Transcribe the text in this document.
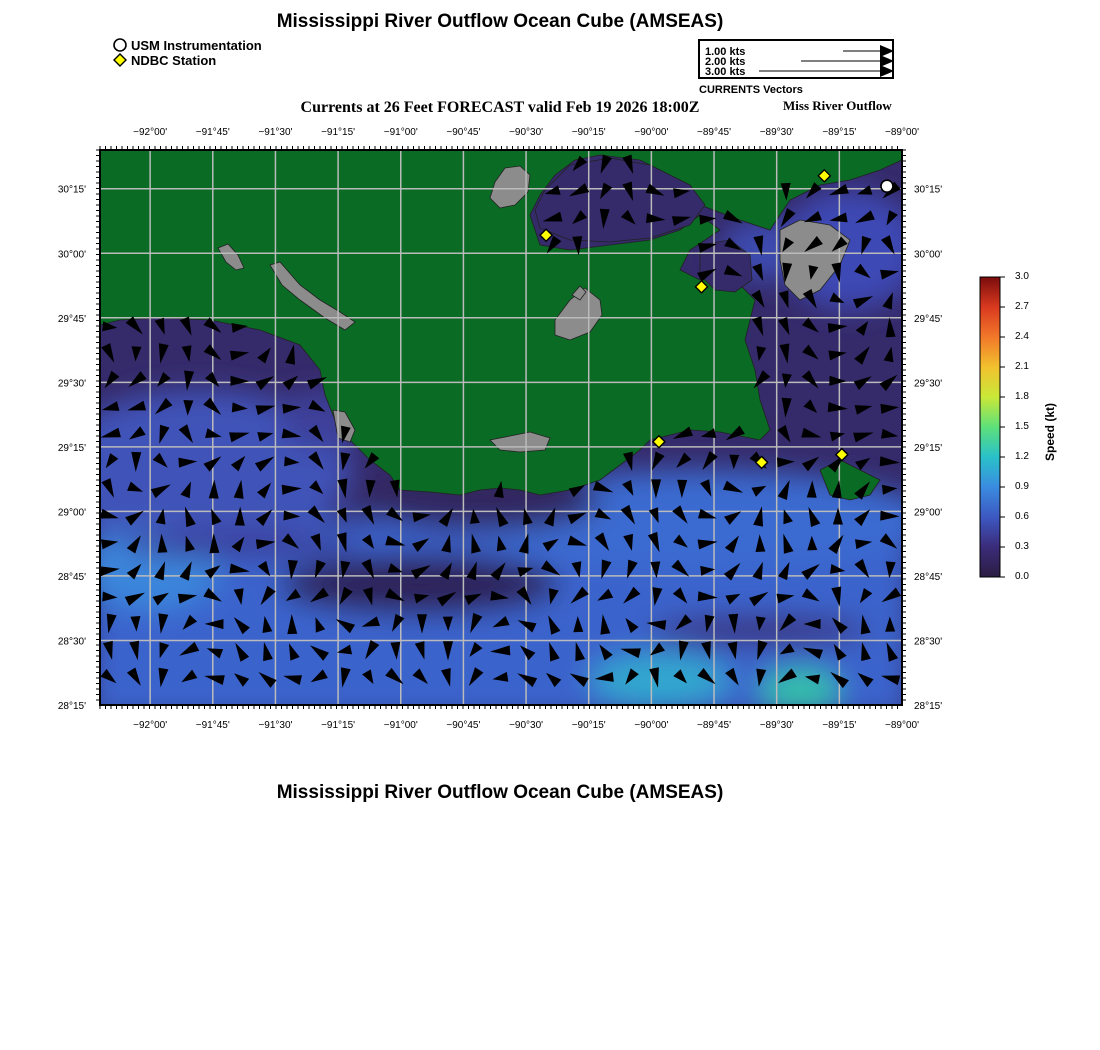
Mississippi River Outflow Ocean Cube (AMSEAS)
USM Instrumentation
NDBC Station
1.00 kts
2.00 kts
3.00 kts
CURRENTS Vectors
Currents at 26 Feet FORECAST valid Feb 19 2026 18:00Z	Miss River Outflow
−92°00'
−92°00'
−91°45'
−91°45'
−91°30'
−91°30'
−91°15'
−91°15'
−91°00'
−91°00'
−90°45'
−90°45'
−90°30'
−90°30'
−90°15'
−90°15'
−90°00'
−90°00'
−89°45'
−89°45'
−89°30'
−89°30'
−89°15'
−89°15'
−89°00'
−89°00'
30°15'	30°15'
30°00'	30°00'
29°45'	29°45'
29°30'	29°30'
29°15'	29°15'
29°00'	29°00'
28°45'	28°45'
28°30'	28°30'
28°15'	28°15'
Speed (kt)
3.0
2.7
2.4
2.1
1.8
1.5
1.2
0.9
0.6
0.3
0.0
Mississippi River Outflow Ocean Cube (AMSEAS)
